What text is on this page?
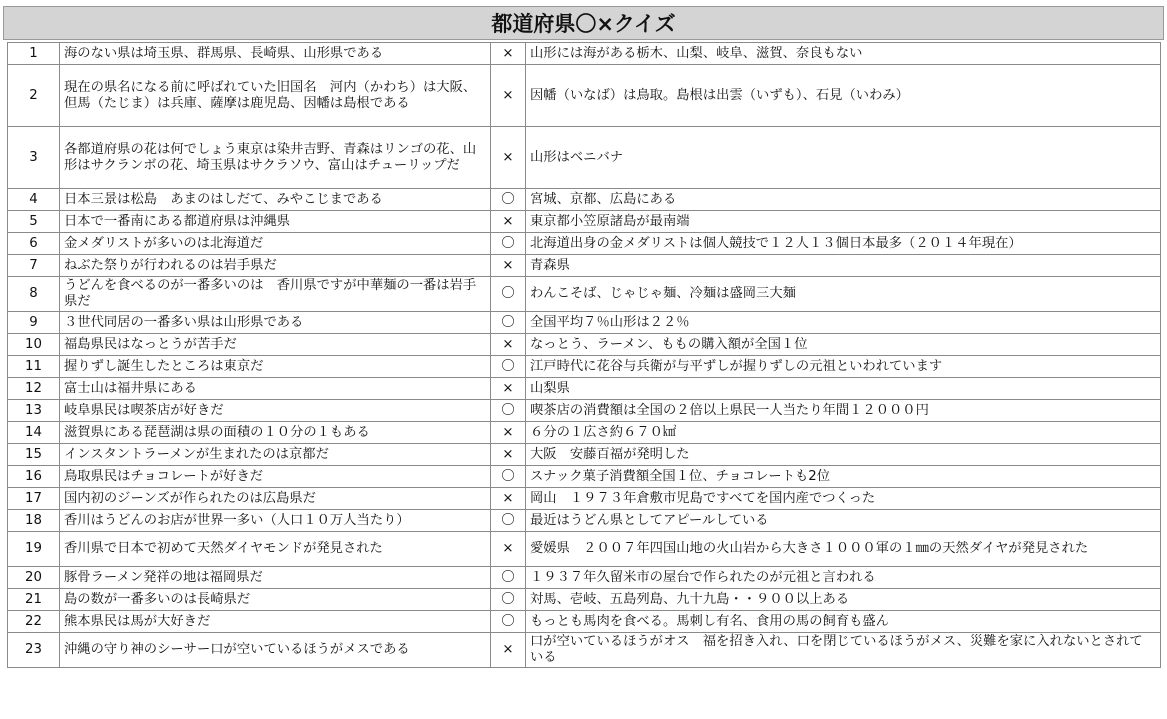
都道府県〇×クイズ
1	海のない県は埼玉県、群馬県、長崎県、山形県である	×	山形には海がある栃木、山梨、岐阜、滋賀、奈良もない
2	現在の県名になる前に呼ばれていた旧国名　河内（かわち）は大阪、但馬（たじま）は兵庫、薩摩は鹿児島、因幡は島根である	×	因幡（いなば）は鳥取。島根は出雲（いずも）、石見（いわみ）
3	各都道府県の花は何でしょう東京は染井吉野、青森はリンゴの花、山形はサクランボの花、埼玉県はサクラソウ、富山はチューリップだ	×	山形はベニバナ
4	日本三景は松島　あまのはしだて、みやこじまである	〇	宮城、京都、広島にある
5	日本で一番南にある都道府県は沖縄県	×	東京都小笠原諸島が最南端
6	金メダリストが多いのは北海道だ	〇	北海道出身の金メダリストは個人競技で１２人１３個日本最多（２０１４年現在）
7	ねぶた祭りが行われるのは岩手県だ	×	青森県
8	うどんを食べるのが一番多いのは　香川県ですが中華麺の一番は岩手県だ	〇	わんこそば、じゃじゃ麺、冷麺は盛岡三大麺
9	３世代同居の一番多い県は山形県である	〇	全国平均７％山形は２２％
10	福島県民はなっとうが苦手だ	×	なっとう、ラーメン、ももの購入額が全国１位
11	握りずし誕生したところは東京だ	〇	江戸時代に花谷与兵衛が与平ずしが握りずしの元祖といわれています
12	富士山は福井県にある	×	山梨県
13	岐阜県民は喫茶店が好きだ	〇	喫茶店の消費額は全国の２倍以上県民一人当たり年間１２０００円
14	滋賀県にある琵琶湖は県の面積の１０分の１もある	×	６分の１広さ約６７０㎢
15	インスタントラーメンが生まれたのは京都だ	×	大阪　安藤百福が発明した
16	鳥取県民はチョコレートが好きだ	〇	スナック菓子消費額全国１位、チョコレートも2位
17	国内初のジーンズが作られたのは広島県だ	×	岡山　１９７３年倉敷市児島ですべてを国内産でつくった
18	香川はうどんのお店が世界一多い（人口１０万人当たり）	〇	最近はうどん県としてアピールしている
19	香川県で日本で初めて天然ダイヤモンドが発見された	×	愛媛県　２００７年四国山地の火山岩から大きさ１０００軍の１㎜の天然ダイヤが発見された
20	豚骨ラーメン発祥の地は福岡県だ	〇	１９３７年久留米市の屋台で作られたのが元祖と言われる
21	島の数が一番多いのは長崎県だ	〇	対馬、壱岐、五島列島、九十九島・・９００以上ある
22	熊本県民は馬が大好きだ	〇	もっとも馬肉を食べる。馬刺し有名、食用の馬の飼育も盛ん
23	沖縄の守り神のシーサー口が空いているほうがメスである	×	口が空いているほうがオス　福を招き入れ、口を閉じているほうがメス、災難を家に入れないとされている
